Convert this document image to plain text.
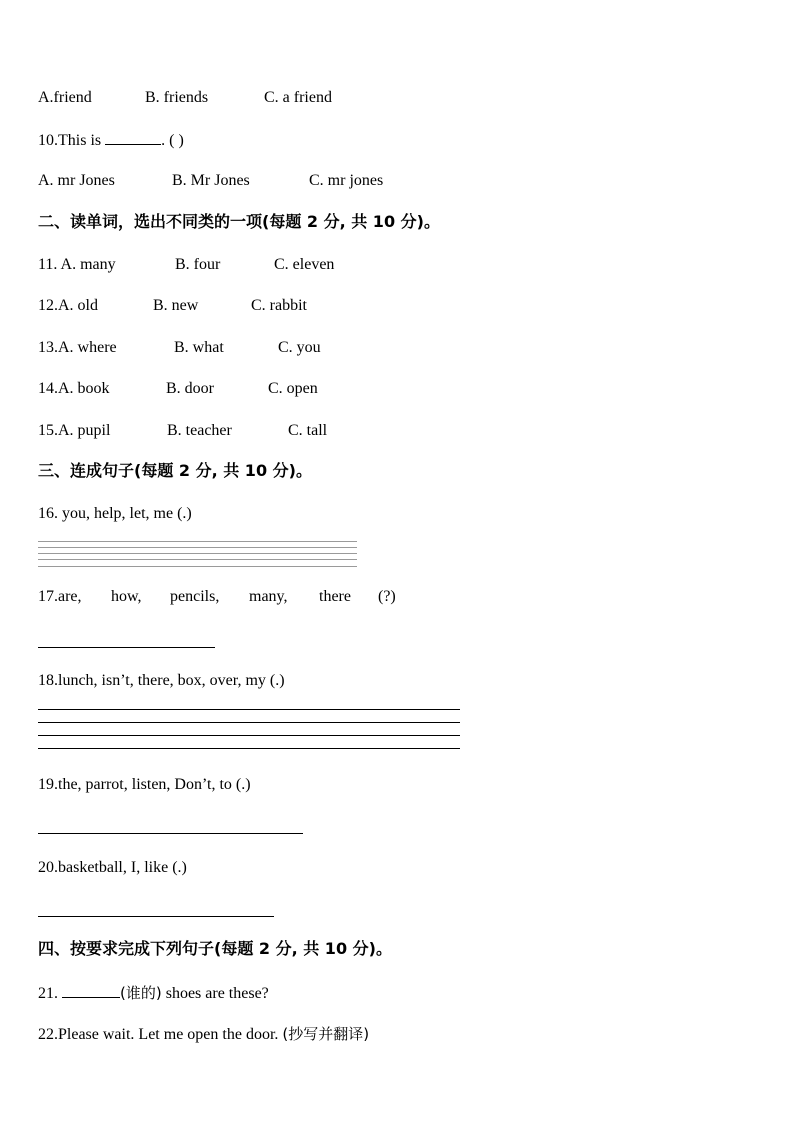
A.friend	B. friends	C. a friend
10.This is	. ( )
A. mr Jones	B. Mr Jones	C. mr jones
二、读单词，选出不同类的一项(每题 2 分, 共 10 分)。
11. A. many	B. four	C. eleven
12.A. old	B. new	C. rabbit
13.A. where	B. what	C. you
14.A. book	B. door	C. open
15.A. pupil	B. teacher	C. tall
三、连成句子(每题 2 分, 共 10 分)。
16. you, help, let, me (.)
17.are, how, pencils, many, there (?)
18.lunch, isn’t, there, box, over, my (.)
19.the, parrot, listen, Don’t, to (.)
20.basketball, I, like (.)
四、按要求完成下列句子(每题 2 分, 共 10 分)。
21.	(谁的) shoes are these?
22.Please wait. Let me open the door. (抄写并翻译)
